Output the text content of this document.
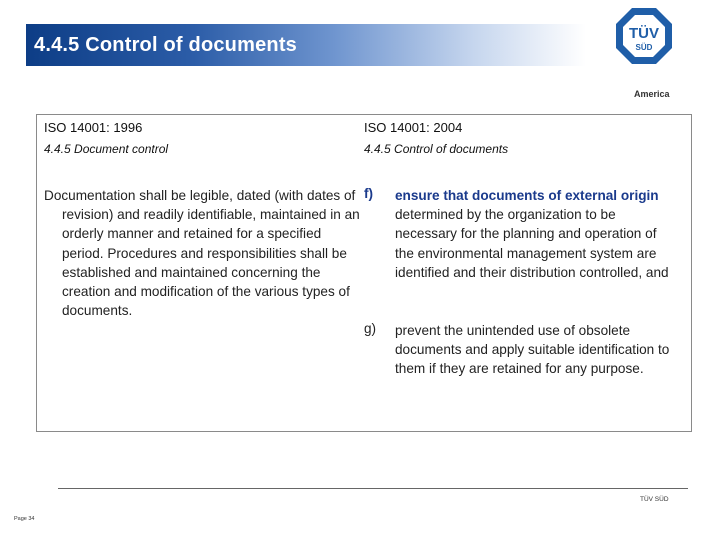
4.4.5 Control of documents
TÜV
SÜD
America
ISO 14001: 1996	ISO 14001: 2004
4.4.5 Document control	4.4.5 Control of documents
Documentation shall be legible, dated (with dates of revision) and readily identifiable, maintained in an orderly manner and retained for a specified period. Procedures and responsibilities shall be established and maintained concerning the creation and modification of the various types of documents.
f) ensure that documents of external origin determined by the organization to be necessary for the planning and operation of the environmental management system are identified and their distribution controlled, and
g) prevent the unintended use of obsolete documents and apply suitable identification to them if they are retained for any purpose.
TÜV SÜD
Page 34
